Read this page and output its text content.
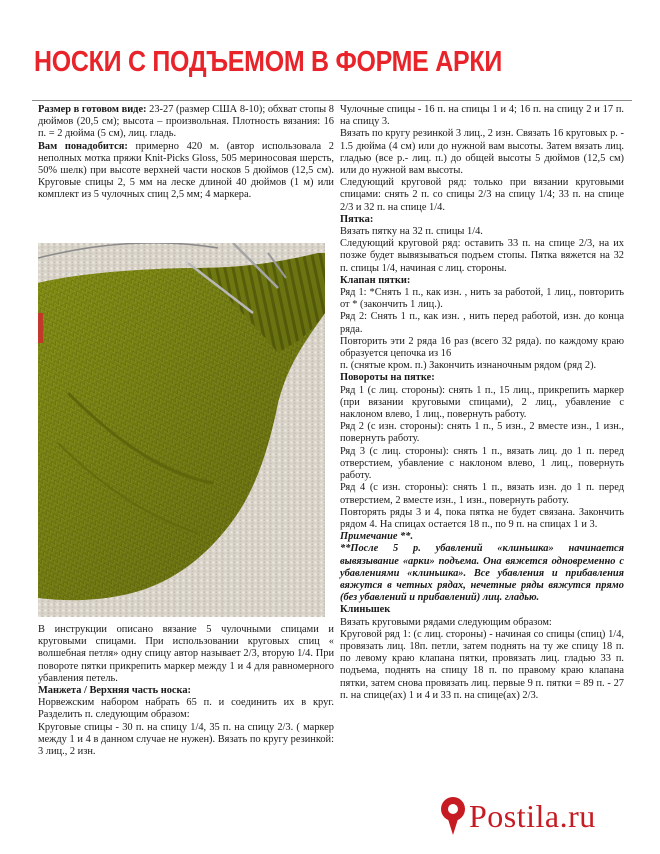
НОСКИ С ПОДЪЕМОМ В ФОРМЕ АРКИ

Размер в готовом виде: 23-27 (размер США 8-10); обхват стопы 8 дюймов (20,5 см); высота – произвольная. Плотность вязания: 16 п. = 2 дюйма (5 см), лиц. гладь.

Вам понадобится: примерно 420 м. (автор использовала 2 неполных мотка пряжи Knit-Picks Gloss, 505 мериносовая шерсть, 50% шелк) при высоте верхней части носков 5 дюймов (12,5 см). Круговые спицы 2, 5 мм на леске длиной 40 дюймов (1 м) или комплект из 5 чулочных спиц 2,5 мм; 4 маркера.

В инструкции описано вязание 5 чулочными спицами и круговыми спицами. При использовании круговых спиц « волшебная петля» одну спицу автор называет 2/3, вторую 1/4. При повороте пятки прикрепить маркер между 1 и 4 для равномерного убавления петель.

Манжета / Верхняя часть носка:

Норвежским набором набрать 65 п. и соединить их в круг. Разделить п. следующим образом:

Круговые спицы - 30 п. на спицу 1/4, 35 п. на спицу 2/3. ( маркер между 1 и 4 в данном случае не нужен). Вязать по кругу резинкой: 3 лиц., 2 изн.

Чулочные спицы - 16 п. на спицы 1 и 4; 16 п. на спицу 2 и 17 п. на спицу 3.

Вязать по кругу резинкой 3 лиц., 2 изн. Связать 16 круговых р. - 1.5 дюйма (4 см) или до нужной вам высоты. Затем вязать лиц. гладью (все р.- лиц. п.) до общей высоты 5 дюймов (12,5 см) или до нужной вам высоты.

Следующий круговой ряд: только при вязании круговыми спицами: снять 2 п. со спицы 2/3 на спицу 1/4; 33 п. на спице 2/3 и 32 п. на спице 1/4.

Пятка:

Вязать пятку на 32 п. спицы 1/4.

Следующий круговой ряд: оставить 33 п. на спице 2/3, на их позже будет вывязываться подъем стопы. Пятка вяжется на 32 п. спицы 1/4, начиная с лиц. стороны.

Клапан пятки:

Ряд 1: *Снять 1 п., как изн. , нить за работой, 1 лиц., повторить от * (закончить 1 лиц.).

Ряд 2: Снять 1 п., как изн. , нить перед работой, изн. до конца ряда.

Повторить эти 2 ряда 16 раз (всего 32 ряда). по каждому краю образуется цепочка из 16

п. (снятые кром. п.) Закончить изнаночным рядом (ряд 2).

Повороты на пятке:

Ряд 1 (с лиц. стороны): снять 1 п., 15 лиц., прикрепить маркер (при вязании круговыми спицами), 2 лиц., убавление с наклоном влево, 1 лиц., повернуть работу.

Ряд 2 (с изн. стороны): снять 1 п., 5 изн., 2 вместе изн., 1 изн., повернуть работу.

Ряд 3 (с лиц. стороны): снять 1 п., вязать лиц. до 1 п. перед отверстием, убавление с наклоном влево, 1 лиц., повернуть работу.

Ряд 4 (с изн. стороны): снять 1 п., вязать изн. до 1 п. перед отверстием, 2 вместе изн., 1 изн., повернуть работу.

Повторять ряды 3 и 4, пока пятка не будет связана. Закончить рядом 4. На спицах остается 18 п., по 9 п. на спицах 1 и 3.

Примечание **.

**После 5 р. убавлений «клиньшка» начинается вывязывание «арки» подъема. Она вяжется одновременно с убавлениями «клиньшка». Все убавления и прибавления вяжутся в четных рядах, нечетные ряды вяжутся прямо (без убавлений и прибавлений) лиц. гладью.

Клиньшек

Вязать круговыми рядами следующим образом:

Круговой ряд 1: (с лиц. стороны) - начиная со спицы (спиц) 1/4, провязать лиц. 18п. петли, затем поднять на ту же спицу 18 п. по левому краю клапана пятки, провязать лиц. гладью 33 п. подъема, поднять на спицу 18 п. по правому краю клапана пятки, затем снова провязать лиц. первые 9 п. пятки = 89 п. - 27 п. на спице(ах) 1 и 4 и 33 п. на спице(ах) 2/3.

Postila.ru
